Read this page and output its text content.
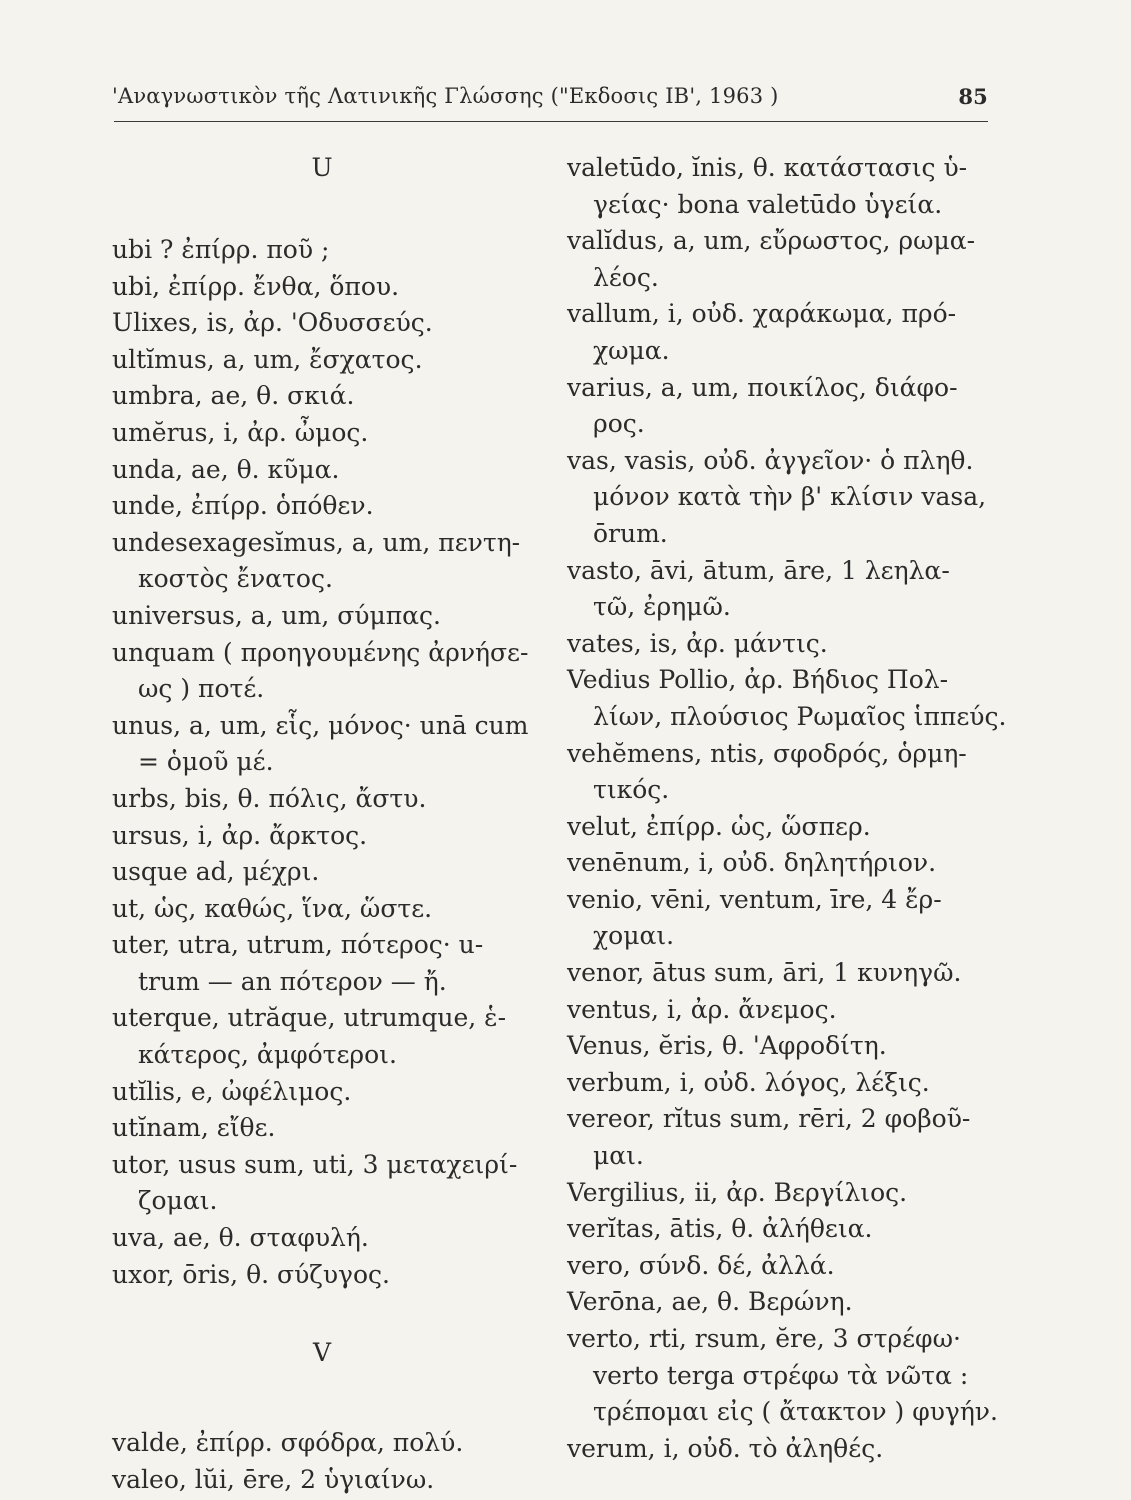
'Αναγνωστικὸν τῆς Λατινικῆς Γλώσσης ("Εκδοσις ΙΒ', 1963 )	85
U
ubi ? ἐπίρρ. ποῦ ;
ubi, ἐπίρρ. ἔνθα, ὅπου.
Ulixes, is, ἀρ. 'Οδυσσεύς.
ultĭmus, a, um, ἔσχατος.
umbra, ae, θ. σκιά.
umĕrus, i, ἀρ. ὦμος.
unda, ae, θ. κῦμα.
unde, ἐπίρρ. ὁπόθεν.
undesexagesĭmus, a, um, πεντη-
κοστὸς ἔνατος.
universus, a, um, σύμπας.
unquam ( προηγουμένης ἀρνήσε-
ως ) ποτέ.
unus, a, um, εἷς, μόνος· unā cum
= ὁμοῦ μέ.
urbs, bis, θ. πόλις, ἄστυ.
ursus, i, ἀρ. ἄρκτος.
usque ad, μέχρι.
ut, ὡς, καθώς, ἵνα, ὥστε.
uter, utra, utrum, πότερος· u-
trum — an πότερον — ἤ.
uterque, utrăque, utrumque, ἑ-
κάτερος, ἀμφότεροι.
utĭlis, e, ὠφέλιμος.
utĭnam, εἴθε.
utor, usus sum, uti, 3 μεταχειρί-
ζομαι.
uva, ae, θ. σταφυλή.
uxor, ōris, θ. σύζυγος.
V
valde, ἐπίρρ. σφόδρα, πολύ.
valeo, lŭi, ēre, 2 ὑγιαίνω.
valetūdo, ĭnis, θ. κατάστασις ὑ-
γείας· bona valetūdo ὑγεία.
valĭdus, a, um, εὔρωστος, ρωμα-
λέος.
vallum, i, οὐδ. χαράκωμα, πρό-
χωμα.
varius, a, um, ποικίλος, διάφο-
ρος.
vas, vasis, οὐδ. ἀγγεῖον· ὁ πληθ.
μόνον κατὰ τὴν β' κλίσιν vasa,
ōrum.
vasto, āvi, ātum, āre, 1 λεηλα-
τῶ, ἐρημῶ.
vates, is, ἀρ. μάντις.
Vedius Pollio, ἀρ. Βήδιος Πολ-
λίων, πλούσιος Ρωμαῖος ἱππεύς.
vehĕmens, ntis, σφοδρός, ὁρμη-
τικός.
velut, ἐπίρρ. ὡς, ὥσπερ.
venēnum, i, οὐδ. δηλητήριον.
venio, vēni, ventum, īre, 4 ἔρ-
χομαι.
venor, ātus sum, āri, 1 κυνηγῶ.
ventus, i, ἀρ. ἄνεμος.
Venus, ĕris, θ. 'Αφροδίτη.
verbum, i, οὐδ. λόγος, λέξις.
vereor, rĭtus sum, rēri, 2 φοβοῦ-
μαι.
Vergilius, ii, ἀρ. Βεργίλιος.
verĭtas, ātis, θ. ἀλήθεια.
vero, σύνδ. δέ, ἀλλά.
Verōna, ae, θ. Βερώνη.
verto, rti, rsum, ĕre, 3 στρέφω·
verto terga στρέφω τὰ νῶτα :
τρέπομαι εἰς ( ἄτακτον ) φυγήν.
verum, i, οὐδ. τὸ ἀληθές.
